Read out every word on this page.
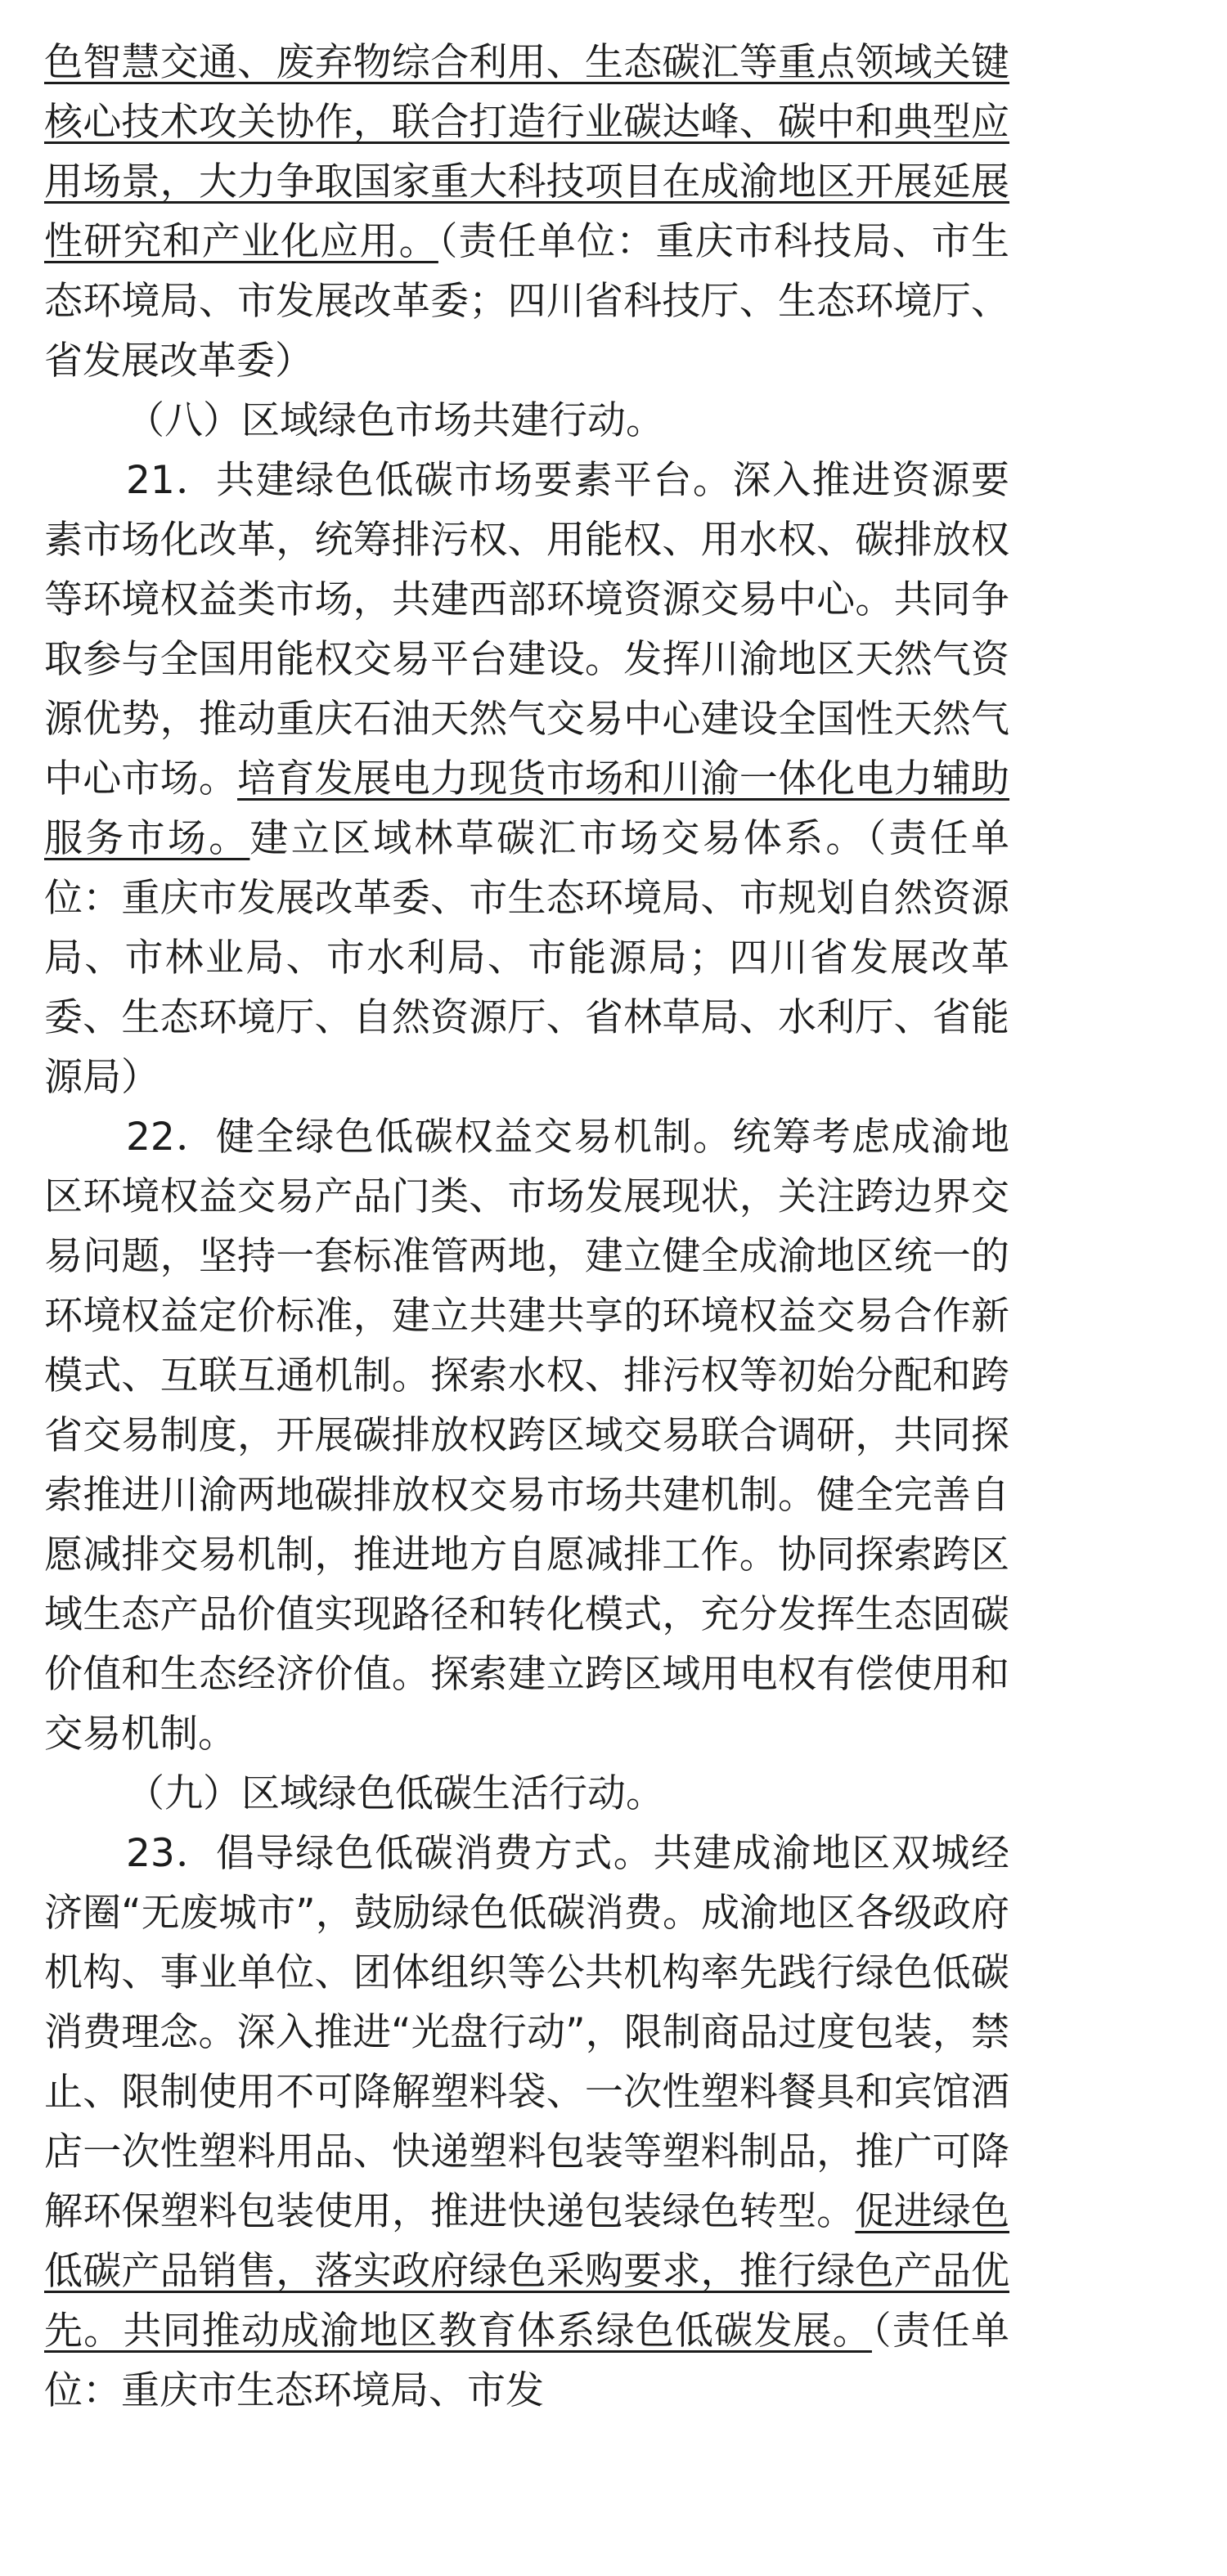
色智慧交通、废弃物综合利用、生态碳汇等重点领域关键核心技术攻关协作，联合打造行业碳达峰、碳中和典型应用场景，大力争取国家重大科技项目在成渝地区开展延展性研究和产业化应用。（责任单位：重庆市科技局、市生态环境局、市发展改革委；四川省科技厅、生态环境厅、省发展改革委）

（八）区域绿色市场共建行动。

21．共建绿色低碳市场要素平台。深入推进资源要素市场化改革，统筹排污权、用能权、用水权、碳排放权等环境权益类市场，共建西部环境资源交易中心。共同争取参与全国用能权交易平台建设。发挥川渝地区天然气资源优势，推动重庆石油天然气交易中心建设全国性天然气中心市场。培育发展电力现货市场和川渝一体化电力辅助服务市场。建立区域林草碳汇市场交易体系。（责任单位：重庆市发展改革委、市生态环境局、市规划自然资源局、市林业局、市水利局、市能源局；四川省发展改革委、生态环境厅、自然资源厅、省林草局、水利厅、省能源局）

22．健全绿色低碳权益交易机制。统筹考虑成渝地区环境权益交易产品门类、市场发展现状，关注跨边界交易问题，坚持一套标准管两地，建立健全成渝地区统一的环境权益定价标准，建立共建共享的环境权益交易合作新模式、互联互通机制。探索水权、排污权等初始分配和跨省交易制度，开展碳排放权跨区域交易联合调研，共同探索推进川渝两地碳排放权交易市场共建机制。健全完善自愿减排交易机制，推进地方自愿减排工作。协同探索跨区域生态产品价值实现路径和转化模式，充分发挥生态固碳价值和生态经济价值。探索建立跨区域用电权有偿使用和交易机制。

（九）区域绿色低碳生活行动。

23．倡导绿色低碳消费方式。共建成渝地区双城经济圈“无废城市”，鼓励绿色低碳消费。成渝地区各级政府机构、事业单位、团体组织等公共机构率先践行绿色低碳消费理念。深入推进“光盘行动”，限制商品过度包装，禁止、限制使用不可降解塑料袋、一次性塑料餐具和宾馆酒店一次性塑料用品、快递塑料包装等塑料制品，推广可降解环保塑料包装使用，推进快递包装绿色转型。促进绿色低碳产品销售，落实政府绿色采购要求，推行绿色产品优先。共同推动成渝地区教育体系绿色低碳发展。（责任单位：重庆市生态环境局、市发
